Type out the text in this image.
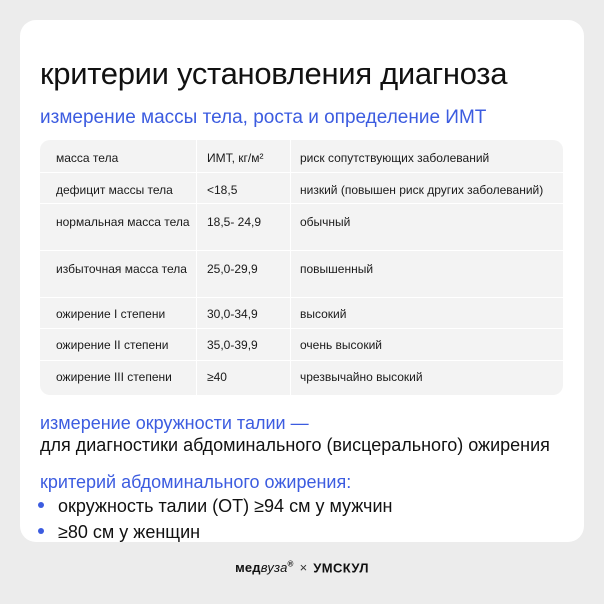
критерии установления диагноза
измерение массы тела, роста и определение ИМТ
масса тела	ИМТ, кг/м²	риск сопутствующих заболеваний
дефицит массы тела	<18,5	низкий (повышен риск других заболеваний)
нормальная масса тела	18,5- 24,9	обычный
избыточная масса тела	25,0-29,9	повышенный
ожирение I степени	30,0-34,9	высокий
ожирение II степени	35,0-39,9	очень высокий
ожирение III степени	≥40	чрезвычайно высокий

измерение окружности талии —

для диагностики абдоминального (висцерального) ожирения

критерий абдоминального ожирения:

окружность талии (ОТ) ≥94 см у мужчин
≥80 см у женщин
медвуза® × УМСКУЛ
